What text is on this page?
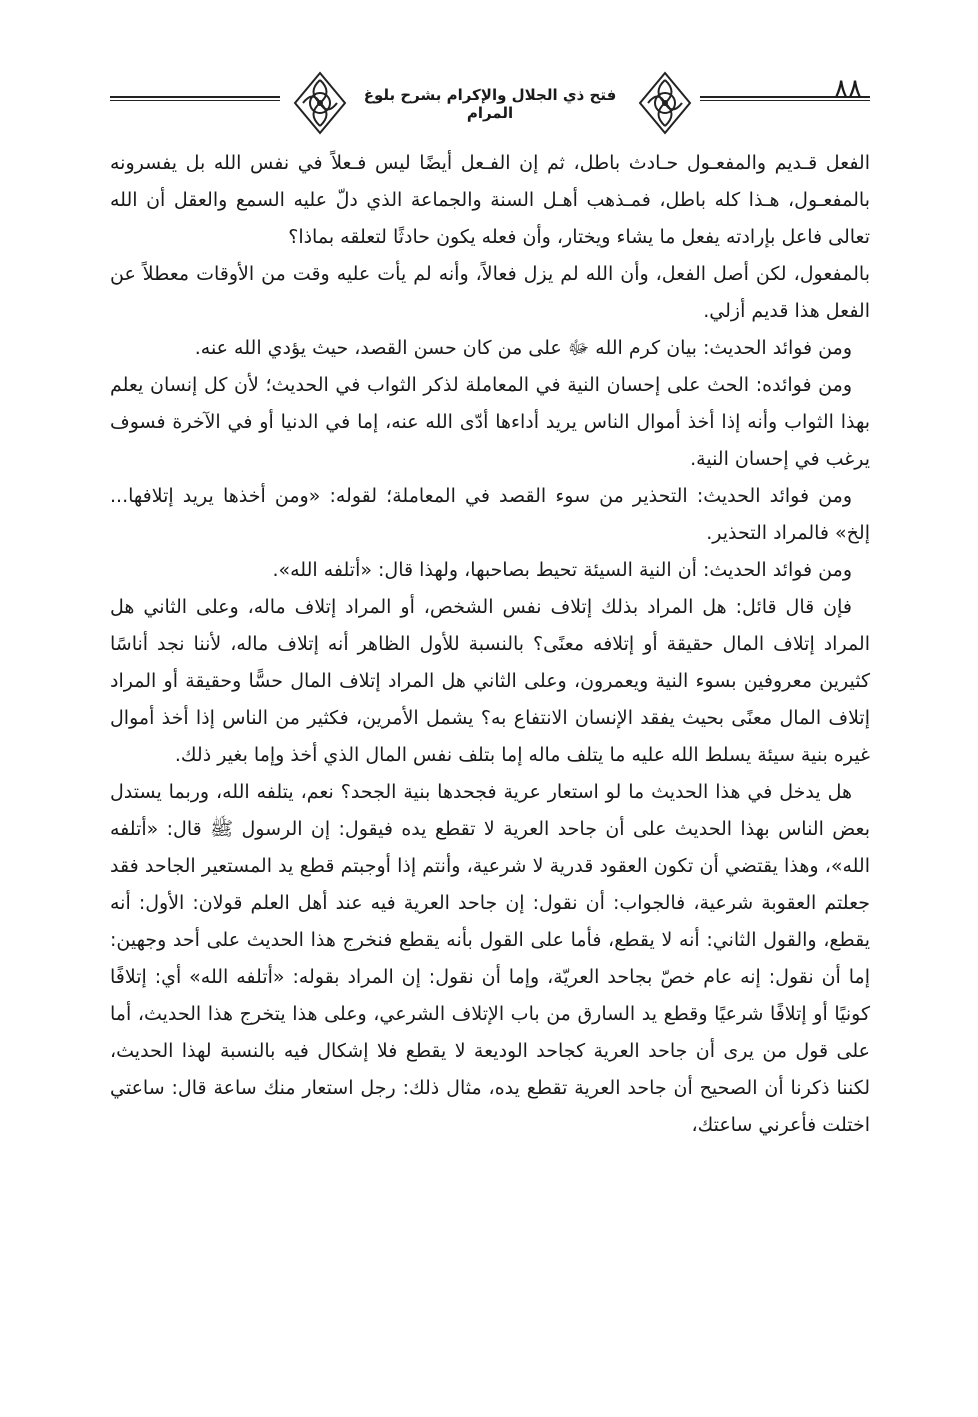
فتح ذي الجلال والإكرام بشرح بلوغ المرام
٨٨

الفعل قـديم والمفعـول حـادث باطل، ثم إن الفـعل أيضًا ليس فـعلاً في نفس الله بل يفسرونه بالمفعـول، هـذا كله باطل، فمـذهب أهـل السنة والجماعة الذي دلّ عليه السمع والعقل أن الله تعالى فاعل بإرادته يفعل ما يشاء ويختار، وأن فعله يكون حادثًا لتعلقه بماذا؟

بالمفعول، لكن أصل الفعل، وأن الله لم يزل فعالاً، وأنه لم يأت عليه وقت من الأوقات معطلاً عن الفعل هذا قديم أزلي.

ومن فوائد الحديث: بيان كرم الله ﷻ على من كان حسن القصد، حيث يؤدي الله عنه.

ومن فوائده: الحث على إحسان النية في المعاملة لذكر الثواب في الحديث؛ لأن كل إنسان يعلم بهذا الثواب وأنه إذا أخذ أموال الناس يريد أداءها أدّى الله عنه، إما في الدنيا أو في الآخرة فسوف يرغب في إحسان النية.

ومن فوائد الحديث: التحذير من سوء القصد في المعاملة؛ لقوله: «ومن أخذها يريد إتلافها... إلخ» فالمراد التحذير.

ومن فوائد الحديث: أن النية السيئة تحيط بصاحبها، ولهذا قال: «أتلفه الله».

فإن قال قائل: هل المراد بذلك إتلاف نفس الشخص، أو المراد إتلاف ماله، وعلى الثاني هل المراد إتلاف المال حقيقة أو إتلافه معنًى؟ بالنسبة للأول الظاهر أنه إتلاف ماله، لأننا نجد أناسًا كثيرين معروفين بسوء النية ويعمرون، وعلى الثاني هل المراد إتلاف المال حسًّا وحقيقة أو المراد إتلاف المال معنًى بحيث يفقد الإنسان الانتفاع به؟ يشمل الأمرين، فكثير من الناس إذا أخذ أموال غيره بنية سيئة يسلط الله عليه ما يتلف ماله إما بتلف نفس المال الذي أخذ وإما بغير ذلك.

هل يدخل في هذا الحديث ما لو استعار عرية فجحدها بنية الجحد؟ نعم، يتلفه الله، وربما يستدل بعض الناس بهذا الحديث على أن جاحد العرية لا تقطع يده فيقول: إن الرسول ﷺ قال: «أتلفه الله»، وهذا يقتضي أن تكون العقود قدرية لا شرعية، وأنتم إذا أوجبتم قطع يد المستعير الجاحد فقد جعلتم العقوبة شرعية، فالجواب: أن نقول: إن جاحد العرية فيه عند أهل العلم قولان: الأول: أنه يقطع، والقول الثاني: أنه لا يقطع، فأما على القول بأنه يقطع فنخرج هذا الحديث على أحد وجهين: إما أن نقول: إنه عام خصّ بجاحد العريّة، وإما أن نقول: إن المراد بقوله: «أتلفه الله» أي: إتلافًا كونيًا أو إتلافًا شرعيًا وقطع يد السارق من باب الإتلاف الشرعي، وعلى هذا يتخرج هذا الحديث، أما على قول من يرى أن جاحد العرية كجاحد الوديعة لا يقطع فلا إشكال فيه بالنسبة لهذا الحديث، لكننا ذكرنا أن الصحيح أن جاحد العرية تقطع يده، مثال ذلك: رجل استعار منك ساعة قال: ساعتي اختلت فأعرني ساعتك،
